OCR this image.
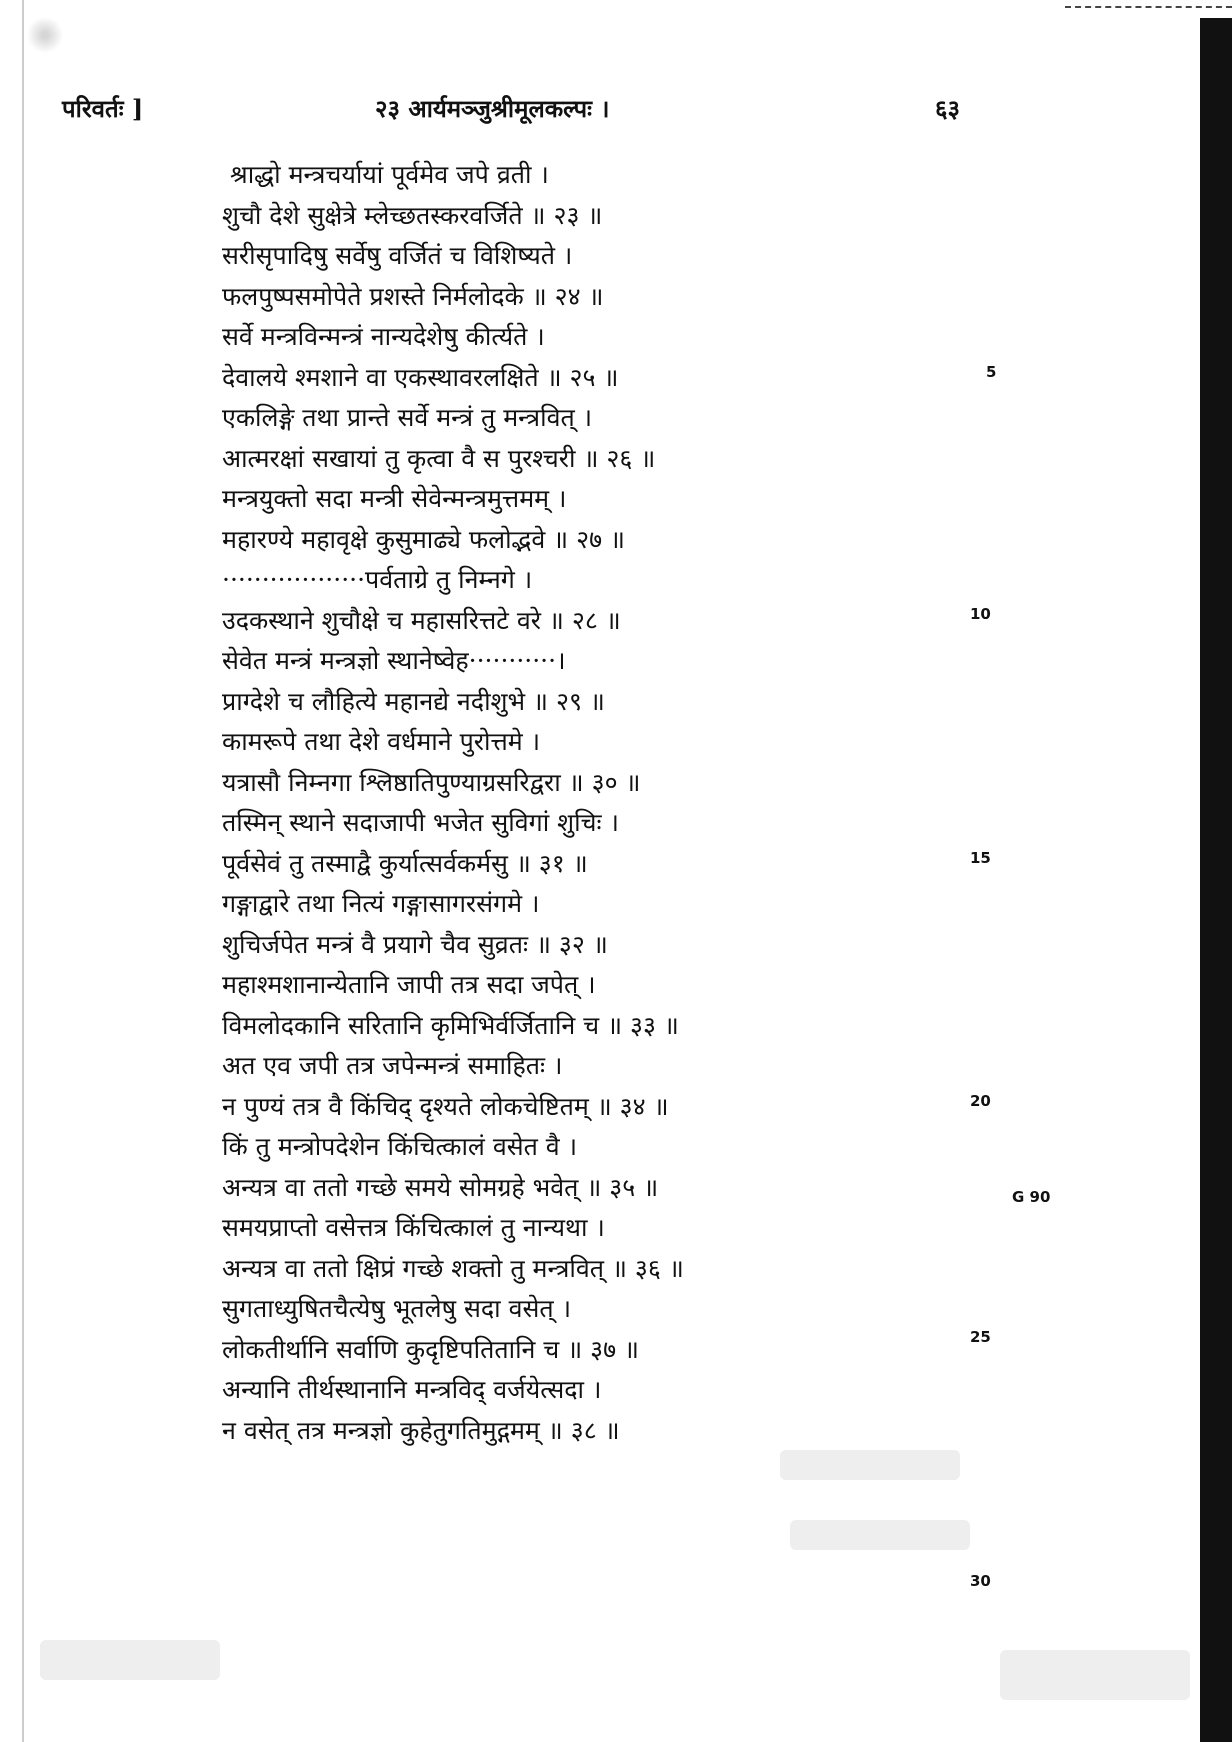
परिवर्तः ]	२३ आर्यमञ्जुश्रीमूलकल्पः ।	६३
श्राद्धो मन्त्रचर्यायां पूर्वमेव जपे व्रती ।
शुचौ देशे सुक्षेत्रे म्लेच्छतस्करवर्जिते ॥ २३ ॥
सरीसृपादिषु सर्वेषु वर्जितं च विशिष्यते ।
फलपुष्पसमोपेते प्रशस्ते निर्मलोदके ॥ २४ ॥
सर्वे मन्त्रविन्मन्त्रं नान्यदेशेषु कीर्त्यते ।
देवालये श्मशाने वा एकस्थावरलक्षिते ॥ २५ ॥
एकलिङ्गे तथा प्रान्ते सर्वे मन्त्रं तु मन्त्रवित् ।
आत्मरक्षां सखायां तु कृत्वा वै स पुरश्चरी ॥ २६ ॥
मन्त्रयुक्तो सदा मन्त्री सेवेन्मन्त्रमुत्तमम् ।
महारण्ये महावृक्षे कुसुमाढ्ये फलोद्भवे ॥ २७ ॥
··················पर्वताग्रे तु निम्नगे ।
उदकस्थाने शुचौक्षे च महासरित्तटे वरे ॥ २८ ॥
सेवेत मन्त्रं मन्त्रज्ञो स्थानेष्वेह···········।
प्राग्देशे च लौहित्ये महानद्ये नदीशुभे ॥ २९ ॥
कामरूपे तथा देशे वर्धमाने पुरोत्तमे ।
यत्रासौ निम्नगा श्लिष्ठातिपुण्याग्रसरिद्वरा ॥ ३० ॥
तस्मिन् स्थाने सदाजापी भजेत सुविगां शुचिः ।
पूर्वसेवं तु तस्माद्वै कुर्यात्सर्वकर्मसु ॥ ३१ ॥
गङ्गाद्वारे तथा नित्यं गङ्गासागरसंगमे ।
शुचिर्जपेत मन्त्रं वै प्रयागे चैव सुव्रतः ॥ ३२ ॥
महाश्मशानान्येतानि जापी तत्र सदा जपेत् ।
विमलोदकानि सरितानि कृमिभिर्वर्जितानि च ॥ ३३ ॥
अत एव जपी तत्र जपेन्मन्त्रं समाहितः ।
न पुण्यं तत्र वै किंचिद् दृश्यते लोकचेष्टितम् ॥ ३४ ॥
किं तु मन्त्रोपदेशेन किंचित्कालं वसेत वै ।
अन्यत्र वा ततो गच्छे समये सोमग्रहे भवेत् ॥ ३५ ॥
समयप्राप्तो वसेत्तत्र किंचित्कालं तु नान्यथा ।
अन्यत्र वा ततो क्षिप्रं गच्छे शक्तो तु मन्त्रवित् ॥ ३६ ॥
सुगताध्युषितचैत्येषु भूतलेषु सदा वसेत् ।
लोकतीर्थानि सर्वाणि कुदृष्टिपतितानि च ॥ ३७ ॥
अन्यानि तीर्थस्थानानि मन्त्रविद् वर्जयेत्सदा ।
न वसेत् तत्र मन्त्रज्ञो कुहेतुगतिमुद्गमम् ॥ ३८ ॥
5
10
15
20
25
30
G 90
